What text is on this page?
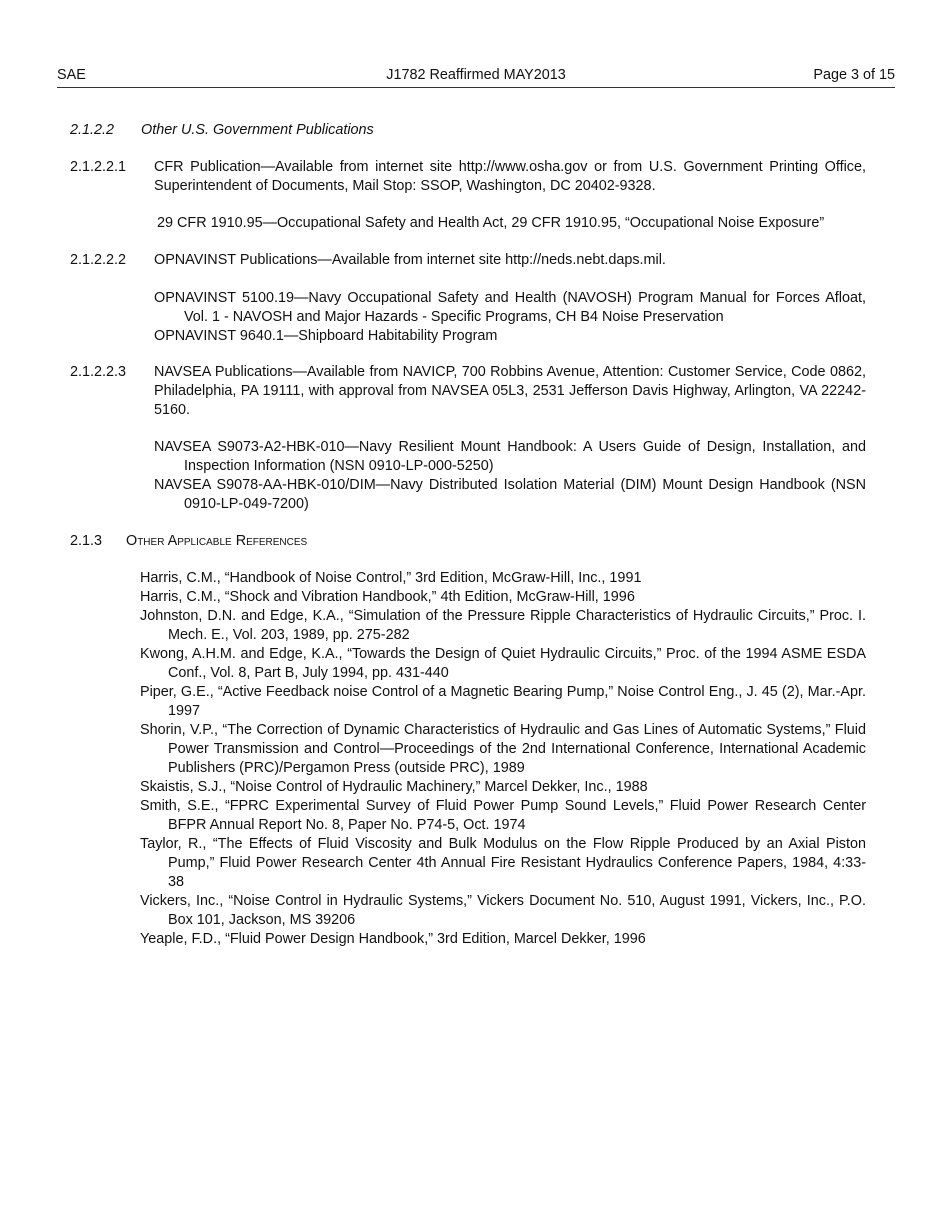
SAE	J1782 Reaffirmed MAY2013	Page 3 of 15
2.1.2.2 Other U.S. Government Publications
2.1.2.2.1 CFR Publication—Available from internet site http://www.osha.gov or from U.S. Government Printing Office, Superintendent of Documents, Mail Stop: SSOP, Washington, DC 20402-9328.
29 CFR 1910.95—Occupational Safety and Health Act, 29 CFR 1910.95, “Occupational Noise Exposure”
2.1.2.2.2 OPNAVINST Publications—Available from internet site http://neds.nebt.daps.mil.

OPNAVINST 5100.19—Navy Occupational Safety and Health (NAVOSH) Program Manual for Forces Afloat, Vol. 1 - NAVOSH and Major Hazards - Specific Programs, CH B4 Noise Preservation

OPNAVINST 9640.1—Shipboard Habitability Program

2.1.2.2.3 NAVSEA Publications—Available from NAVICP, 700 Robbins Avenue, Attention: Customer Service, Code 0862, Philadelphia, PA 19111, with approval from NAVSEA 05L3, 2531 Jefferson Davis Highway, Arlington, VA 22242-5160.

NAVSEA S9073-A2-HBK-010—Navy Resilient Mount Handbook: A Users Guide of Design, Installation, and Inspection Information (NSN 0910-LP-000-5250)

NAVSEA S9078-AA-HBK-010/DIM—Navy Distributed Isolation Material (DIM) Mount Design Handbook (NSN 0910-LP-049-7200)

2.1.3 Other Applicable References

Harris, C.M., “Handbook of Noise Control,” 3rd Edition, McGraw-Hill, Inc., 1991

Harris, C.M., “Shock and Vibration Handbook,” 4th Edition, McGraw-Hill, 1996

Johnston, D.N. and Edge, K.A., “Simulation of the Pressure Ripple Characteristics of Hydraulic Circuits,” Proc. I. Mech. E., Vol. 203, 1989, pp. 275-282

Kwong, A.H.M. and Edge, K.A., “Towards the Design of Quiet Hydraulic Circuits,” Proc. of the 1994 ASME ESDA Conf., Vol. 8, Part B, July 1994, pp. 431-440

Piper, G.E., “Active Feedback noise Control of a Magnetic Bearing Pump,” Noise Control Eng., J. 45 (2), Mar.-Apr. 1997

Shorin, V.P., “The Correction of Dynamic Characteristics of Hydraulic and Gas Lines of Automatic Systems,” Fluid Power Transmission and Control—Proceedings of the 2nd International Conference, International Academic Publishers (PRC)/Pergamon Press (outside PRC), 1989

Skaistis, S.J., “Noise Control of Hydraulic Machinery,” Marcel Dekker, Inc., 1988

Smith, S.E., “FPRC Experimental Survey of Fluid Power Pump Sound Levels,” Fluid Power Research Center BFPR Annual Report No. 8, Paper No. P74-5, Oct. 1974

Taylor, R., “The Effects of Fluid Viscosity and Bulk Modulus on the Flow Ripple Produced by an Axial Piston Pump,” Fluid Power Research Center 4th Annual Fire Resistant Hydraulics Conference Papers, 1984, 4:33-38

Vickers, Inc., “Noise Control in Hydraulic Systems,” Vickers Document No. 510, August 1991, Vickers, Inc., P.O. Box 101, Jackson, MS 39206

Yeaple, F.D., “Fluid Power Design Handbook,” 3rd Edition, Marcel Dekker, 1996
